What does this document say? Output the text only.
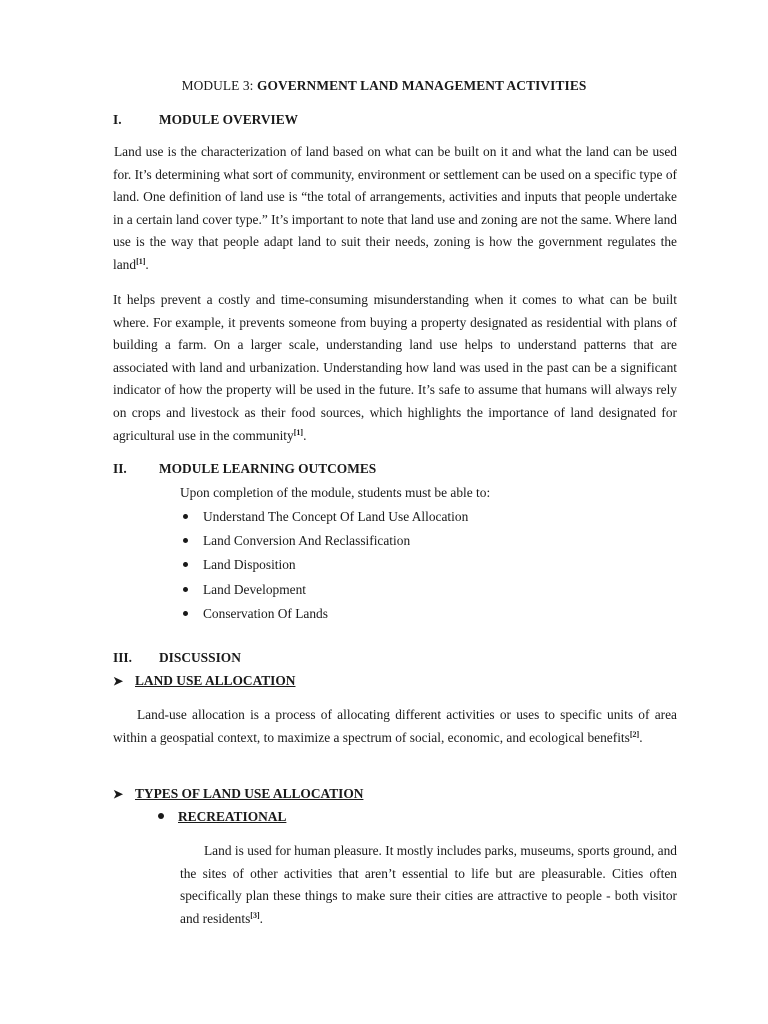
MODULE 3: GOVERNMENT LAND MANAGEMENT ACTIVITIES
I.	MODULE OVERVIEW

Land use is the characterization of land based on what can be built on it and what the land can be used for. It’s determining what sort of community, environment or settlement can be used on a specific type of land. One definition of land use is “the total of arrangements, activities and inputs that people undertake in a certain land cover type.” It’s important to note that land use and zoning are not the same. Where land use is the way that people adapt land to suit their needs, zoning is how the government regulates the land[1].

It helps prevent a costly and time-consuming misunderstanding when it comes to what can be built where. For example, it prevents someone from buying a property designated as residential with plans of building a farm. On a larger scale, understanding land use helps to understand patterns that are associated with land and urbanization. Understanding how land was used in the past can be a significant indicator of how the property will be used in the future. It’s safe to assume that humans will always rely on crops and livestock as their food sources, which highlights the importance of land designated for agricultural use in the community[1].

II. MODULE LEARNING OUTCOMES
Upon completion of the module, students must be able to:
Understand The Concept Of Land Use Allocation
Land Conversion And Reclassification
Land Disposition
Land Development
Conservation Of Lands
III. DISCUSSION
➤ LAND USE ALLOCATION

Land-use allocation is a process of allocating different activities or uses to specific units of area within a geospatial context, to maximize a spectrum of social, economic, and ecological benefits[2].

➤ TYPES OF LAND USE ALLOCATION
RECREATIONAL

Land is used for human pleasure. It mostly includes parks, museums, sports ground, and the sites of other activities that aren’t essential to life but are pleasurable. Cities often specifically plan these things to make sure their cities are attractive to people - both visitor and residents[3].
